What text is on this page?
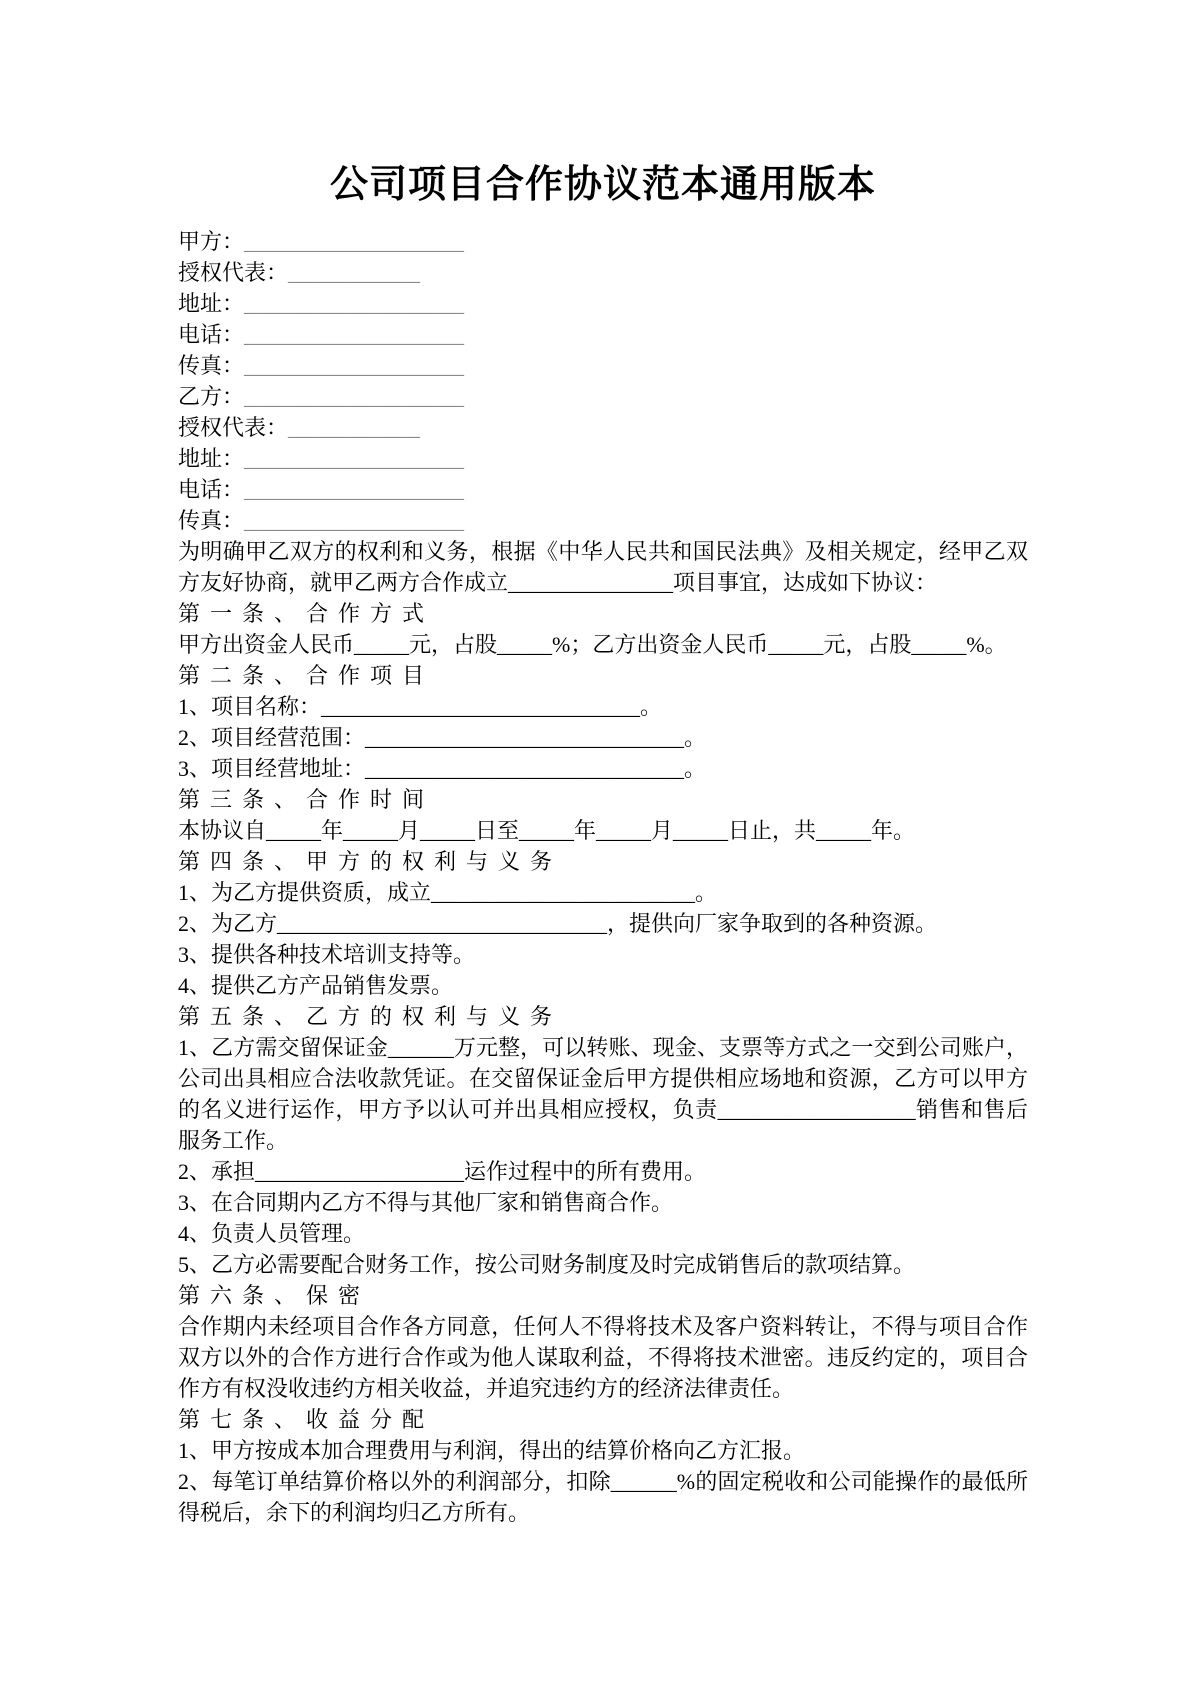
公司项目合作协议范本通用版本
甲方：____________________
授权代表：____________
地址：____________________
电话：____________________
传真：____________________
乙方：____________________
授权代表：____________
地址：____________________
电话：____________________
传真：____________________

为明确甲乙双方的权利和义务，根据《中华人民共和国民法典》及相关规定，经甲乙双方友好协商，就甲乙两方合作成立_______________项目事宜，达成如下协议：

第一条、合作方式

甲方出资金人民币_____元，占股_____%；乙方出资金人民币_____元，占股_____%。

第二条、合作项目

1、项目名称：_____________________________。

2、项目经营范围：_____________________________。

3、项目经营地址：_____________________________。

第三条、合作时间

本协议自_____年_____月_____日至_____年_____月_____日止，共_____年。

第四条、甲方的权利与义务

1、为乙方提供资质，成立________________________。

2、为乙方______________________________，提供向厂家争取到的各种资源。

3、提供各种技术培训支持等。

4、提供乙方产品销售发票。

第五条、乙方的权利与义务

1、乙方需交留保证金______万元整，可以转账、现金、支票等方式之一交到公司账户，公司出具相应合法收款凭证。在交留保证金后甲方提供相应场地和资源，乙方可以甲方的名义进行运作，甲方予以认可并出具相应授权，负责__________________销售和售后服务工作。

2、承担___________________运作过程中的所有费用。

3、在合同期内乙方不得与其他厂家和销售商合作。

4、负责人员管理。

5、乙方必需要配合财务工作，按公司财务制度及时完成销售后的款项结算。

第六条、保密

合作期内未经项目合作各方同意，任何人不得将技术及客户资料转让，不得与项目合作双方以外的合作方进行合作或为他人谋取利益，不得将技术泄密。违反约定的，项目合作方有权没收违约方相关收益，并追究违约方的经济法律责任。

第七条、收益分配

1、甲方按成本加合理费用与利润，得出的结算价格向乙方汇报。

2、每笔订单结算价格以外的利润部分，扣除______%的固定税收和公司能操作的最低所得税后，余下的利润均归乙方所有。
